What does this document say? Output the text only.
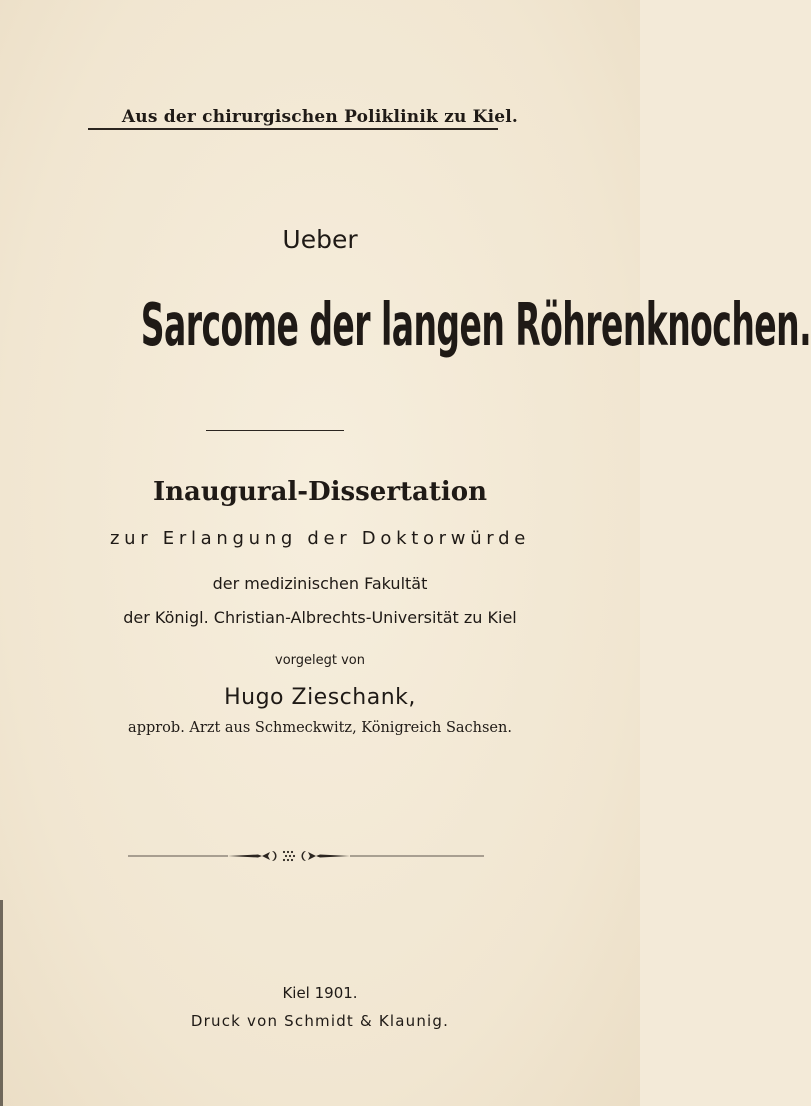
Aus der chirurgischen Poliklinik zu Kiel.
Ueber
Sarcome der langen Röhrenknochen.
Inaugural-Dissertation
zur Erlangung der Doktorwürde
der medizinischen Fakultät
der Königl. Christian-Albrechts-Universität zu Kiel
vorgelegt von
Hugo Zieschank,
approb. Arzt aus Schmeckwitz, Königreich Sachsen.
Kiel 1901.
Druck von Schmidt & Klaunig.
